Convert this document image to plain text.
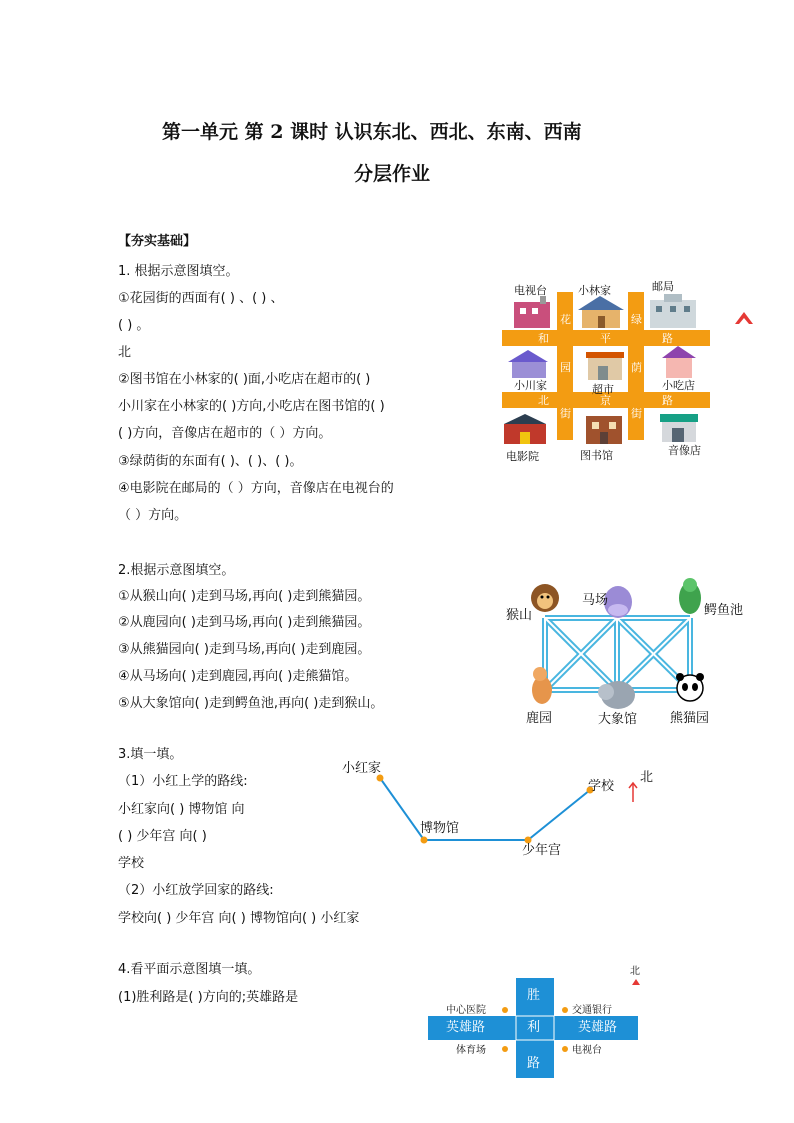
第一单元 第 2 课时 认识东北、西北、东南、西南
分层作业
【夯实基础】
1. 根据示意图填空。
①花园街的西面有( ) 、( ) 、
( ) 。
北
②图书馆在小林家的( )面,小吃店在超市的( )
小川家在小林家的( )方向,小吃店在图书馆的( )
( )方向，音像店在超市的（ ）方向。
③绿荫街的东面有( )、( )、( )。
④电影院在邮局的（ ）方向，音像店在电视台的
（ ）方向。
电视台	小林家	邮局
小川家	超市	小吃店
电影院	图书馆	音像店
和	平	路
北	京	路
花
园
街
绿
荫
街
2.根据示意图填空。
①从猴山向( )走到马场,再向( )走到熊猫园。
②从鹿园向( )走到马场,再向( )走到熊猫园。
③从熊猫园向( )走到马场,再向( )走到鹿园。
④从马场向( )走到鹿园,再向( )走熊猫馆。
⑤从大象馆向( )走到鳄鱼池,再向( )走到猴山。
猴山
马场
鳄鱼池
鹿园	大象馆	熊猫园
3.填一填。
（1）小红上学的路线:
小红家向( ) 博物馆 向
( ) 少年宫 向( )
学校
（2）小红放学回家的路线:
学校向( ) 少年宫 向( ) 博物馆向( ) 小红家
小红家
博物馆
少年宫
学校
北
4.看平面示意图填一填。
(1)胜利路是( )方向的;英雄路是
北
胜
利
路
英雄路	英雄路
中心医院	交通银行
体育场	电视台
